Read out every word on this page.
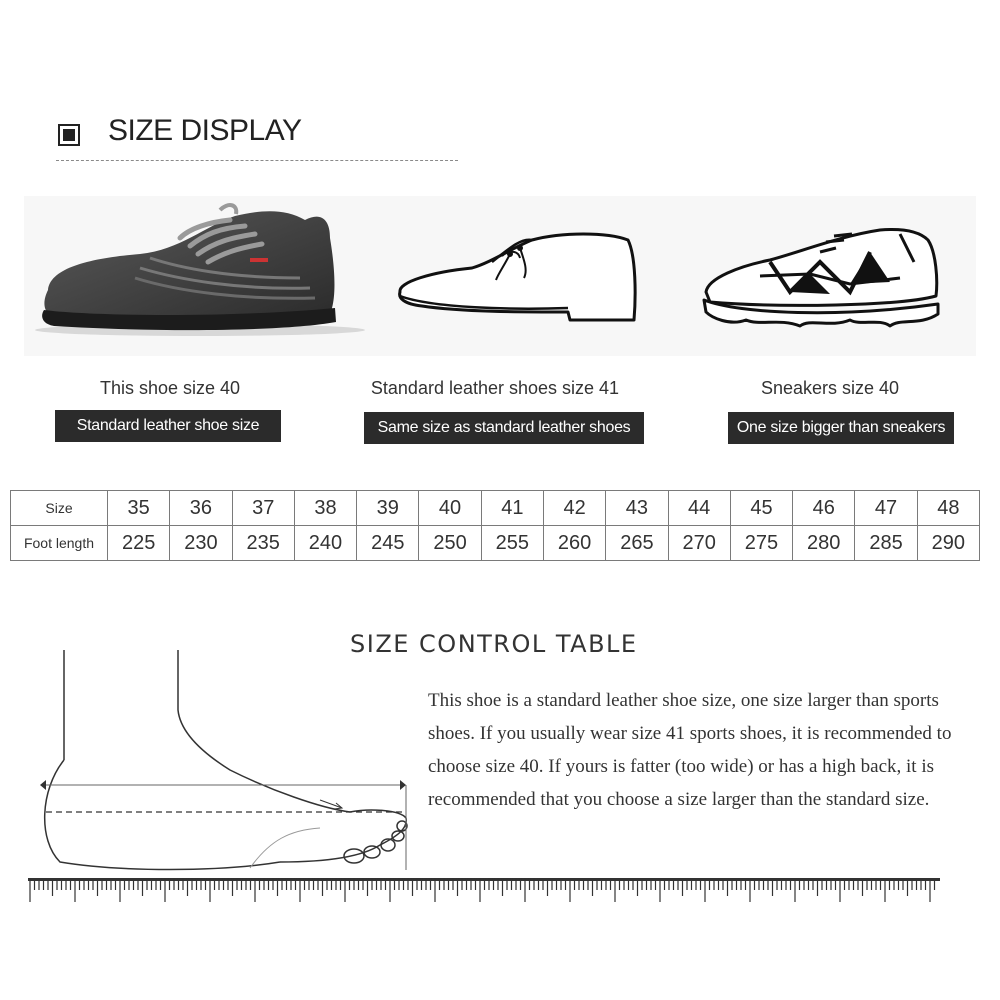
SIZE DISPLAY
This shoe size 40
Standard leather shoe size
Standard leather shoes size 41
Same size as standard leather shoes
Sneakers size 40
One size bigger than sneakers
Size	35	36	37	38	39	40	41	42	43	44	45	46	47	48
Foot length	225	230	235	240	245	250	255	260	265	270	275	280	285	290
SIZE CONTROL TABLE
This shoe is a standard leather shoe size, one size larger than sports shoes. If you usually wear size 41 sports shoes, it is recommended to choose size 40. If yours is fatter (too wide) or has a high back, it is recommended that you choose a size larger than the standard size.
